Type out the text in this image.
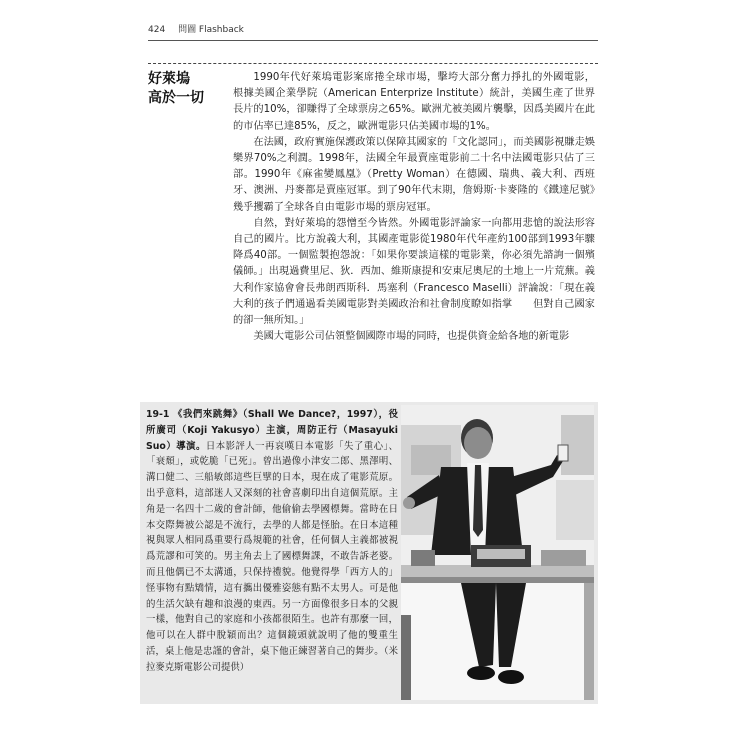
424 問圖 Flashback
好萊塢
高於一切

1990年代好萊塢電影案席捲全球市場，擊垮大部分奮力掙扎的外國電影，根據美國企業學院（American Enterprize Institute）統計，美國生產了世界長片的10%，卻賺得了全球票房之65%。歐洲尤被美國片襲擊，因爲美國片在此的市佔率已達85%，反之，歐洲電影只佔美國市場的1%。

在法國，政府實施保護政策以保障其國家的「文化認同」，而美國影視賺走娛樂界70%之利潤。1998年，法國全年最賣座電影前二十名中法國電影只佔了三部。1990年《麻雀變鳳凰》（Pretty Woman）在德國、瑞典、義大利、西班牙、澳洲、丹麥都是賣座冠軍。到了90年代末期，詹姆斯·卡麥隆的《鐵達尼號》幾乎攫霸了全球各自由電影市場的票房冠軍。

自然，對好萊塢的怨憎至今皆然。外國電影評論家一向都用悲愴的說法形容自己的國片。比方說義大利，其國產電影從1980年代年產約100部到1993年驟降爲40部。一個監製抱怨說：「如果你要談這樣的電影業，你必須先諮詢一個殯儀師。」出現過費里尼、狄．西加、維斯康提和安東尼奧尼的土地上一片荒蕪。義大利作家協會會長弗朗西斯科．馬塞利（Francesco Maselli）評論說：「現在義大利的孩子們通過看美國電影對美國政治和社會制度瞭如指掌　　但對自己國家的卻一無所知。」

美國大電影公司佔領整個國際市場的同時，也提供資金給各地的新電影

19-1 《我們來跳舞》（Shall We Dance?，1997），役所廣司（Koji Yakusyo）主演，周防正行（Masayuki Suo）導演。日本影評人一再哀嘆日本電影「失了重心」、「衰頹」，或乾脆「已死」。曾出過像小津安二郎、黑澤明、溝口健二、三船敏郎這些巨擘的日本，現在成了電影荒原。出乎意料，這部迷人又深刻的社會喜劇印出自這個荒原。主角是一名四十二歲的會計師，他偷偷去學國標舞。當時在日本交際舞被公認是不流行，去學的人都是怪胎。在日本這種視與眾人相同爲重要行爲規範的社會，任何個人主義都被視爲荒謬和可笑的。男主角去上了國標舞課，不敢告訴老婆。而且他偶已不太溝通，只保持禮貌。他覺得學「西方人的」怪事物有點矯情，這有攜出優雅姿態有點不太男人。可是他的生活欠缺有趣和浪漫的東西。另一方面像很多日本的父親一樣，他對自己的家庭和小孩都很陌生。也許有那麼一回，他可以在人群中脫穎而出？這個鏡頭就說明了他的雙重生活，桌上他是忠謹的會計，桌下他正練習著自己的舞步。（米拉麥克斯電影公司提供）
